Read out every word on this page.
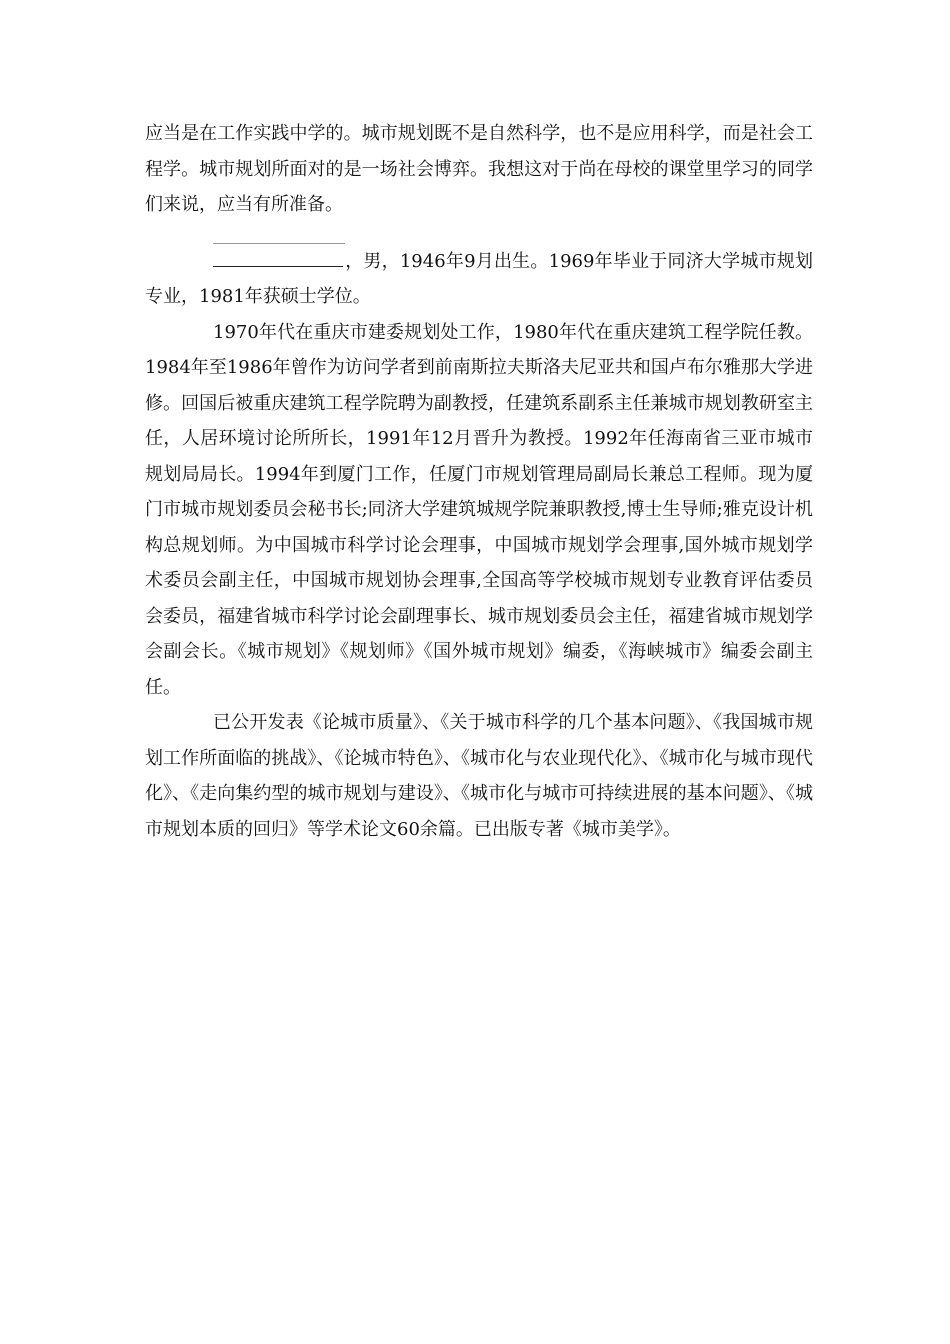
应当是在工作实践中学的。城市规划既不是自然科学，也不是应用科学，而是社会工程学。城市规划所面对的是一场社会博弈。我想这对于尚在母校的课堂里学习的同学们来说，应当有所准备。

，男，1946年9月出生。1969年毕业于同济大学城市规划专业，1981年获硕士学位。

1970年代在重庆市建委规划处工作，1980年代在重庆建筑工程学院任教。1984年至1986年曾作为访问学者到前南斯拉夫斯洛夫尼亚共和国卢布尔雅那大学进修。回国后被重庆建筑工程学院聘为副教授，任建筑系副系主任兼城市规划教研室主任，人居环境讨论所所长，1991年12月晋升为教授。1992年任海南省三亚市城市规划局局长。1994年到厦门工作，任厦门市规划管理局副局长兼总工程师。现为厦门市城市规划委员会秘书长;同济大学建筑城规学院兼职教授,博士生导师;雅克设计机构总规划师。为中国城市科学讨论会理事，中国城市规划学会理事,国外城市规划学术委员会副主任，中国城市规划协会理事,全国高等学校城市规划专业教育评估委员会委员，福建省城市科学讨论会副理事长、城市规划委员会主任，福建省城市规划学会副会长。《城市规划》《规划师》《国外城市规划》编委，《海峡城市》编委会副主任。

已公开发表《论城市质量》、《关于城市科学的几个基本问题》、《我国城市规划工作所面临的挑战》、《论城市特色》、《城市化与农业现代化》、《城市化与城市现代化》、《走向集约型的城市规划与建设》、《城市化与城市可持续进展的基本问题》、《城市规划本质的回归》等学术论文60余篇。已出版专著《城市美学》。
